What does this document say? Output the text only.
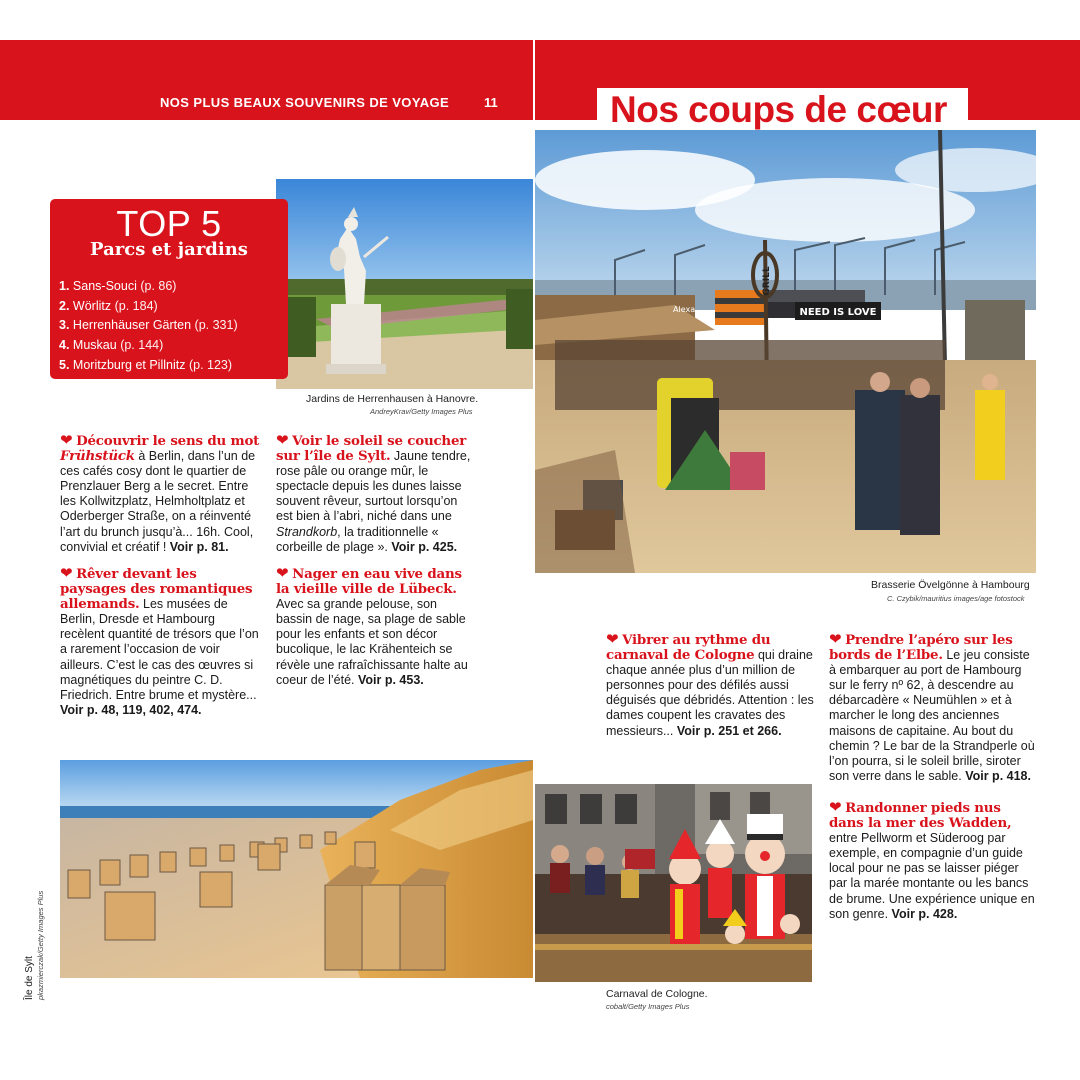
NOS PLUS BEAUX SOUVENIRS DE VOYAGE	11	Nos coups de cœur
Jardins de Herrenhausen à Hanovre.
AndreyKrav/Getty Images Plus
TOP 5
Parcs et jardins
1. Sans-Souci (p. 86)
2. Wörlitz (p. 184)
3. Herrenhäuser Gärten (p. 331)
4. Muskau (p. 144)
5. Moritzburg et Pillnitz (p. 123)
GRILL
NEED IS LOVE
Alexa
Brasserie Övelgönne à Hambourg
C. Czybik/mauritius images/age fotostock
❤ Découvrir le sens du mot Frühstück à Berlin, dans l’un de ces cafés cosy dont le quartier de Prenzlauer Berg a le secret. Entre les Kollwitzplatz, Helmholtplatz et Oderberger Straße, on a réinventé l’art du brunch jusqu’à... 16h. Cool, convivial et créatif ! Voir p. 81.
❤ Rêver devant les paysages des romantiques allemands. Les musées de Berlin, Dresde et Hambourg recèlent quantité de trésors que l’on a rarement l’occasion de voir ailleurs. C’est le cas des œuvres si magnétiques du peintre C. D. Friedrich. Entre brume et mystère... Voir p. 48, 119, 402, 474.
❤ Voir le soleil se coucher sur l’île de Sylt. Jaune tendre, rose pâle ou orange mûr, le spectacle depuis les dunes laisse souvent rêveur, surtout lorsqu’on est bien à l’abri, niché dans une Strandkorb, la traditionnelle « corbeille de plage ». Voir p. 425.
❤ Nager en eau vive dans la vieille ville de Lübeck. Avec sa grande pelouse, son bassin de nage, sa plage de sable pour les enfants et son décor bucolique, le lac Krähenteich se révèle une rafraîchissante halte au coeur de l’été. Voir p. 453.
❤ Vibrer au rythme du carnaval de Cologne qui draine chaque année plus d’un million de personnes pour des défilés aussi déguisés que débridés. Attention : les dames coupent les cravates des messieurs... Voir p. 251 et 266.
❤ Prendre l’apéro sur les bords de l’Elbe. Le jeu consiste à embarquer au port de Hambourg sur le ferry nº 62, à descendre au débarcadère « Neumühlen » et à marcher le long des anciennes maisons de capitaine. Au bout du chemin ? Le bar de la Strandperle où l’on pourra, si le soleil brille, siroter son verre dans le sable. Voir p. 418.
❤ Randonner pieds nus dans la mer des Wadden, entre Pellworm et Süderoog par exemple, en compagnie d’un guide local pour ne pas se laisser piéger par la marée montante ou les bancs de brume. Une expérience unique en son genre. Voir p. 428.
Île de Sylt pkazmierczak/Getty Images Plus	Carnaval de Cologne.
cobalt/Getty Images Plus
